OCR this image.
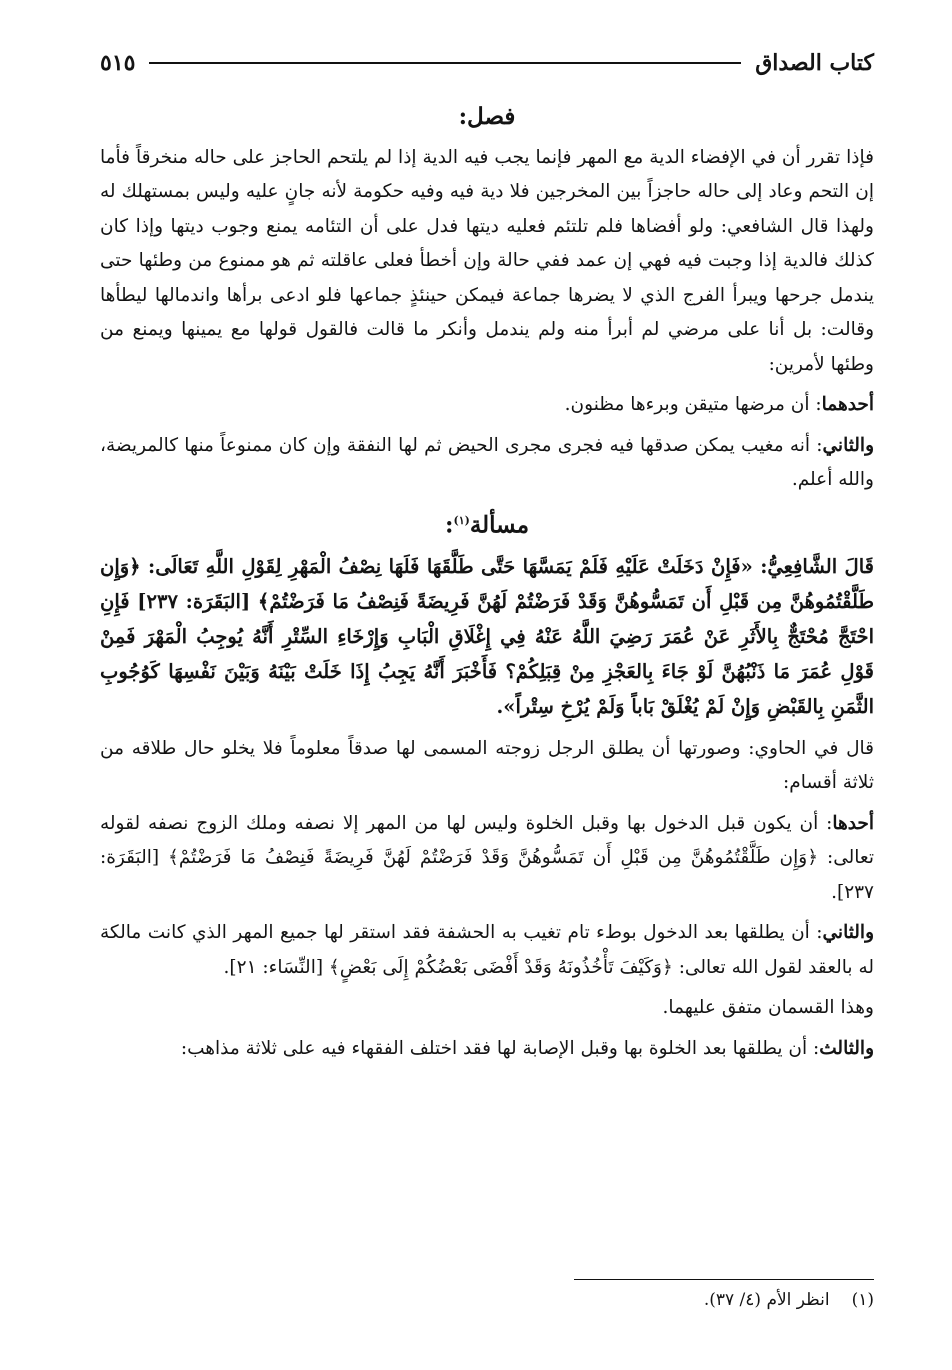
كتاب الصداق
٥١٥
فصل:

فإذا تقرر أن في الإفضاء الدية مع المهر فإنما يجب فيه الدية إذا لم يلتحم الحاجز على حاله منخرقاً فأما إن التحم وعاد إلى حاله حاجزاً بين المخرجين فلا دية فيه وفيه حكومة لأنه جانٍ عليه وليس بمستهلك له ولهذا قال الشافعي: ولو أفضاها فلم تلتئم فعليه ديتها فدل على أن التئامه يمنع وجوب ديتها وإذا كان كذلك فالدية إذا وجبت فيه فهي إن عمد ففي حالة وإن أخطأ فعلى عاقلته ثم هو ممنوع من وطئها حتى يندمل جرحها ويبرأ الفرج الذي لا يضرها جماعة فيمكن حينئذٍ جماعها فلو ادعى برأها واندمالها ليطأها وقالت: بل أنا على مرضي لم أبرأ منه ولم يندمل وأنكر ما قالت فالقول قولها مع يمينها ويمنع من وطئها لأمرين:

أحدهما: أن مرضها متيقن وبرءها مظنون.

والثاني: أنه مغيب يمكن صدقها فيه فجرى مجرى الحيض ثم لها النفقة وإن كان ممنوعاً منها كالمريضة، والله أعلم.

مسألة$^{(١)}$:

قَالَ الشَّافِعِيُّ: «فَإِنْ دَخَلَتْ عَلَيْهِ فَلَمْ يَمَسَّهَا حَتَّى طَلَّقَهَا فَلَهَا نِصْفُ الْمَهْرِ لِقَوْلِ اللَّهِ تَعَالَى: ﴿وَإِن طَلَّقْتُمُوهُنَّ مِن قَبْلِ أَن تَمَسُّوهُنَّ وَقَدْ فَرَضْتُمْ لَهُنَّ فَرِيضَةً فَنِصْفُ مَا فَرَضْتُمْ﴾ [البَقَرَة: ٢٣٧] فَإِنِ احْتَجَّ مُحْتَجٌّ بِالأَثَرِ عَنْ عُمَرَ رَضِيَ اللَّهُ عَنْهُ فِي إِغْلَاقِ الْبَابِ وَإِرْخَاءِ السِّتْرِ أَنَّهُ يُوجِبُ الْمَهْرَ فَمِنْ قَوْلِ عُمَرَ مَا ذَنْبُهُنَّ لَوْ جَاءَ بِالعَجْزِ مِنْ قِبَلِكُمْ؟ فَأَخْبَرَ أَنَّهُ يَجِبُ إِذَا خَلَتْ بَيْنَهُ وَبَيْنَ نَفْسِهَا كَوُجُوبِ الثَّمَنِ بِالقَبْضِ وَإِنْ لَمْ يُغْلَقْ بَاباً وَلَمْ يُرْخِ سِتْراً».

قال في الحاوي: وصورتها أن يطلق الرجل زوجته المسمى لها صدقاً معلوماً فلا يخلو حال طلاقه من ثلاثة أقسام:

أحدها: أن يكون قبل الدخول بها وقبل الخلوة وليس لها من المهر إلا نصفه وملك الزوج نصفه لقوله تعالى: ﴿وَإِن طَلَّقْتُمُوهُنَّ مِن قَبْلِ أَن تَمَسُّوهُنَّ وَقَدْ فَرَضْتُمْ لَهُنَّ فَرِيضَةً فَنِصْفُ مَا فَرَضْتُمْ﴾ [البَقَرَة: ٢٣٧].

والثاني: أن يطلقها بعد الدخول بوطء تام تغيب به الحشفة فقد استقر لها جميع المهر الذي كانت مالكة له بالعقد لقول الله تعالى: ﴿وَكَيْفَ تَأْخُذُونَهُ وَقَدْ أَفْضَى بَعْضُكُمْ إِلَى بَعْضٍ﴾ [النِّسَاء: ٢١].

وهذا القسمان متفق عليهما.

والثالث: أن يطلقها بعد الخلوة بها وقبل الإصابة لها فقد اختلف الفقهاء فيه على ثلاثة مذاهب:

(١)
انظر الأم (٤/ ٣٧).
